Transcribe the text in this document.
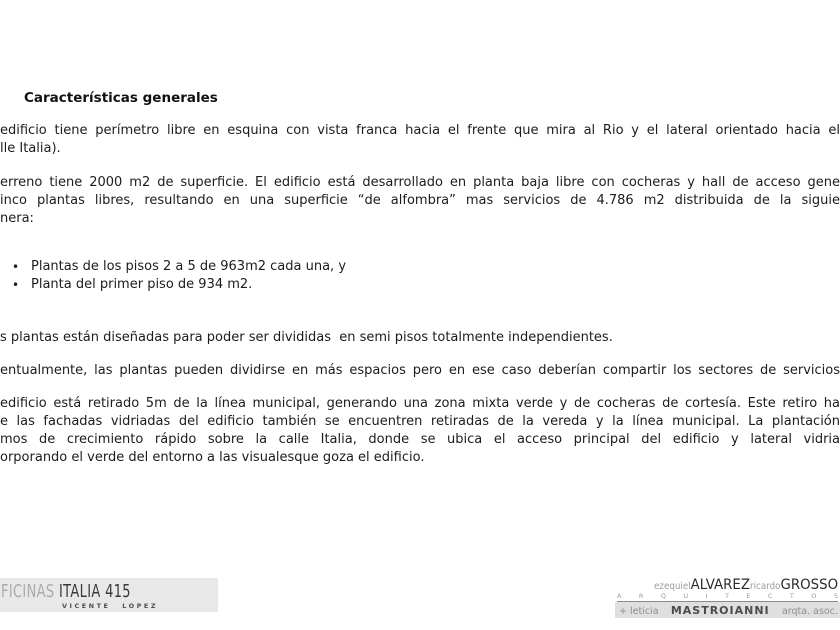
Características generales
edificio tiene perímetro libre en esquina con vista franca hacia el frente que mira al Rio y el lateral orientado hacia el
lle Italia).
erreno tiene 2000 m2 de superficie. El edificio está desarrollado en planta baja libre con cocheras y hall de acceso gene
inco plantas libres, resultando en una superficie “de alfombra” mas servicios de 4.786 m2 distribuida de la siguie
nera:
• Plantas de los pisos 2 a 5 de 963m2 cada una, y
• Planta del primer piso de 934 m2.
s plantas están diseñadas para poder ser divididas  en semi pisos totalmente independientes.
entualmente, las plantas pueden dividirse en más espacios pero en ese caso deberían compartir los sectores de servicios
edificio está retirado 5m de la línea municipal, generando una zona mixta verde y de cocheras de cortesía. Este retiro ha
e las fachadas vidriadas del edificio también se encuentren retiradas de la vereda y la línea municipal. La plantación
mos de crecimiento rápido sobre la calle Italia, donde se ubica el acceso principal del edificio y lateral vidria
orporando el verde del entorno a las visualesque goza el edificio.
FICINAS ITALIA 415
VICENTE LOPEZ
ezequiel ALVAREZ ricardo GROSSO
A R Q U I T E C T O S
+ leticia MASTROIANNI arqta. asoc.
